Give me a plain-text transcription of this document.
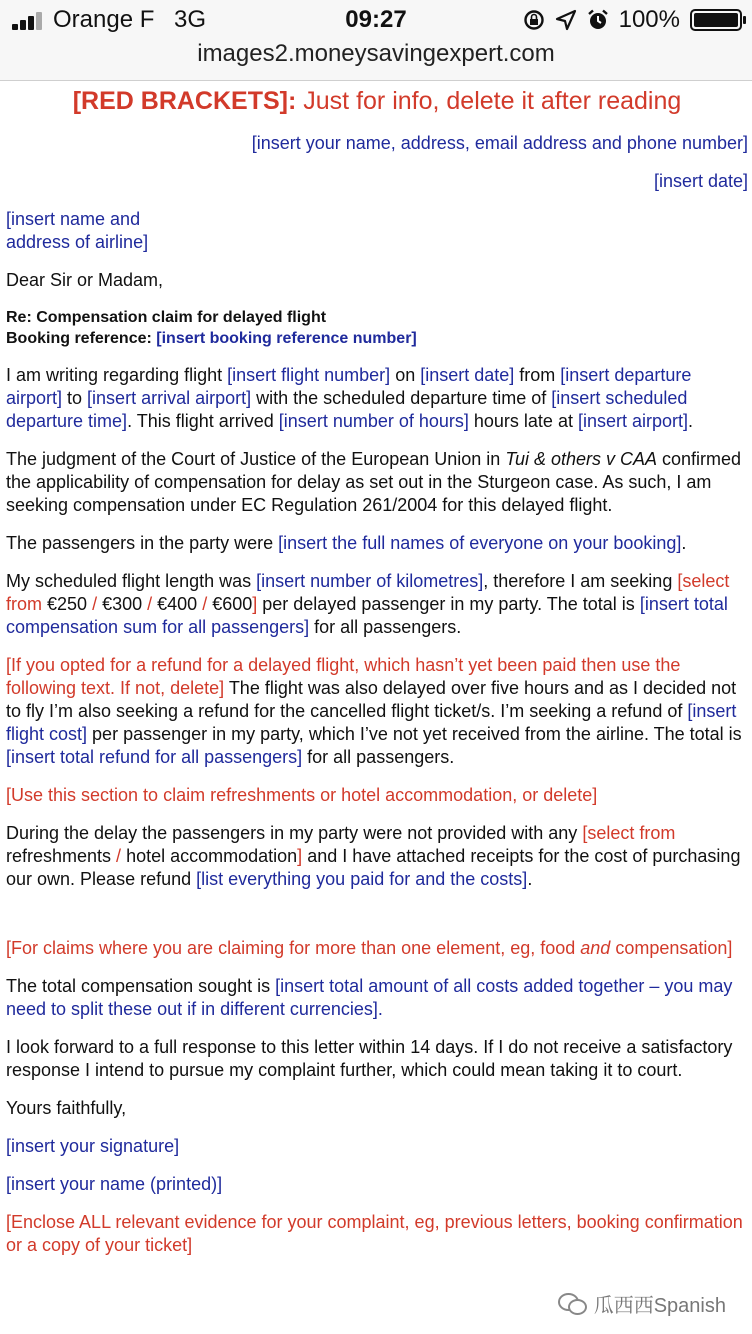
Orange F 3G	09:27	100%
images2.moneysavingexpert.com
[RED BRACKETS]: Just for info, delete it after reading

[insert your name, address, email address and phone number]

[insert date]

[insert name and
address of airline]

Dear Sir or Madam,

Re: Compensation claim for delayed flight
Booking reference: [insert booking reference number]

I am writing regarding flight [insert flight number] on [insert date] from [insert departure airport] to [insert arrival airport] with the scheduled departure time of [insert scheduled departure time]. This flight arrived [insert number of hours] hours late at [insert airport].

The judgment of the Court of Justice of the European Union in Tui & others v CAA confirmed the applicability of compensation for delay as set out in the Sturgeon case. As such, I am seeking compensation under EC Regulation 261/2004 for this delayed flight.

The passengers in the party were [insert the full names of everyone on your booking].

My scheduled flight length was [insert number of kilometres], therefore I am seeking [select from €250 / €300 / €400 / €600] per delayed passenger in my party. The total is [insert total compensation sum for all passengers] for all passengers.

[If you opted for a refund for a delayed flight, which hasn’t yet been paid then use the following text. If not, delete] The flight was also delayed over five hours and as I decided not to fly I’m also seeking a refund for the cancelled flight ticket/s. I’m seeking a refund of [insert flight cost] per passenger in my party, which I’ve not yet received from the airline. The total is [insert total refund for all passengers] for all passengers.

[Use this section to claim refreshments or hotel accommodation, or delete]

During the delay the passengers in my party were not provided with any [select from refreshments / hotel accommodation] and I have attached receipts for the cost of purchasing our own. Please refund [list everything you paid for and the costs].

[For claims where you are claiming for more than one element, eg, food and compensation]

The total compensation sought is [insert total amount of all costs added together – you may need to split these out if in different currencies].

I look forward to a full response to this letter within 14 days. If I do not receive a satisfactory response I intend to pursue my complaint further, which could mean taking it to court.

Yours faithfully,

[insert your signature]

[insert your name (printed)]

[Enclose ALL relevant evidence for your complaint, eg, previous letters, booking confirmation or a copy of your ticket]

瓜西西Spanish
